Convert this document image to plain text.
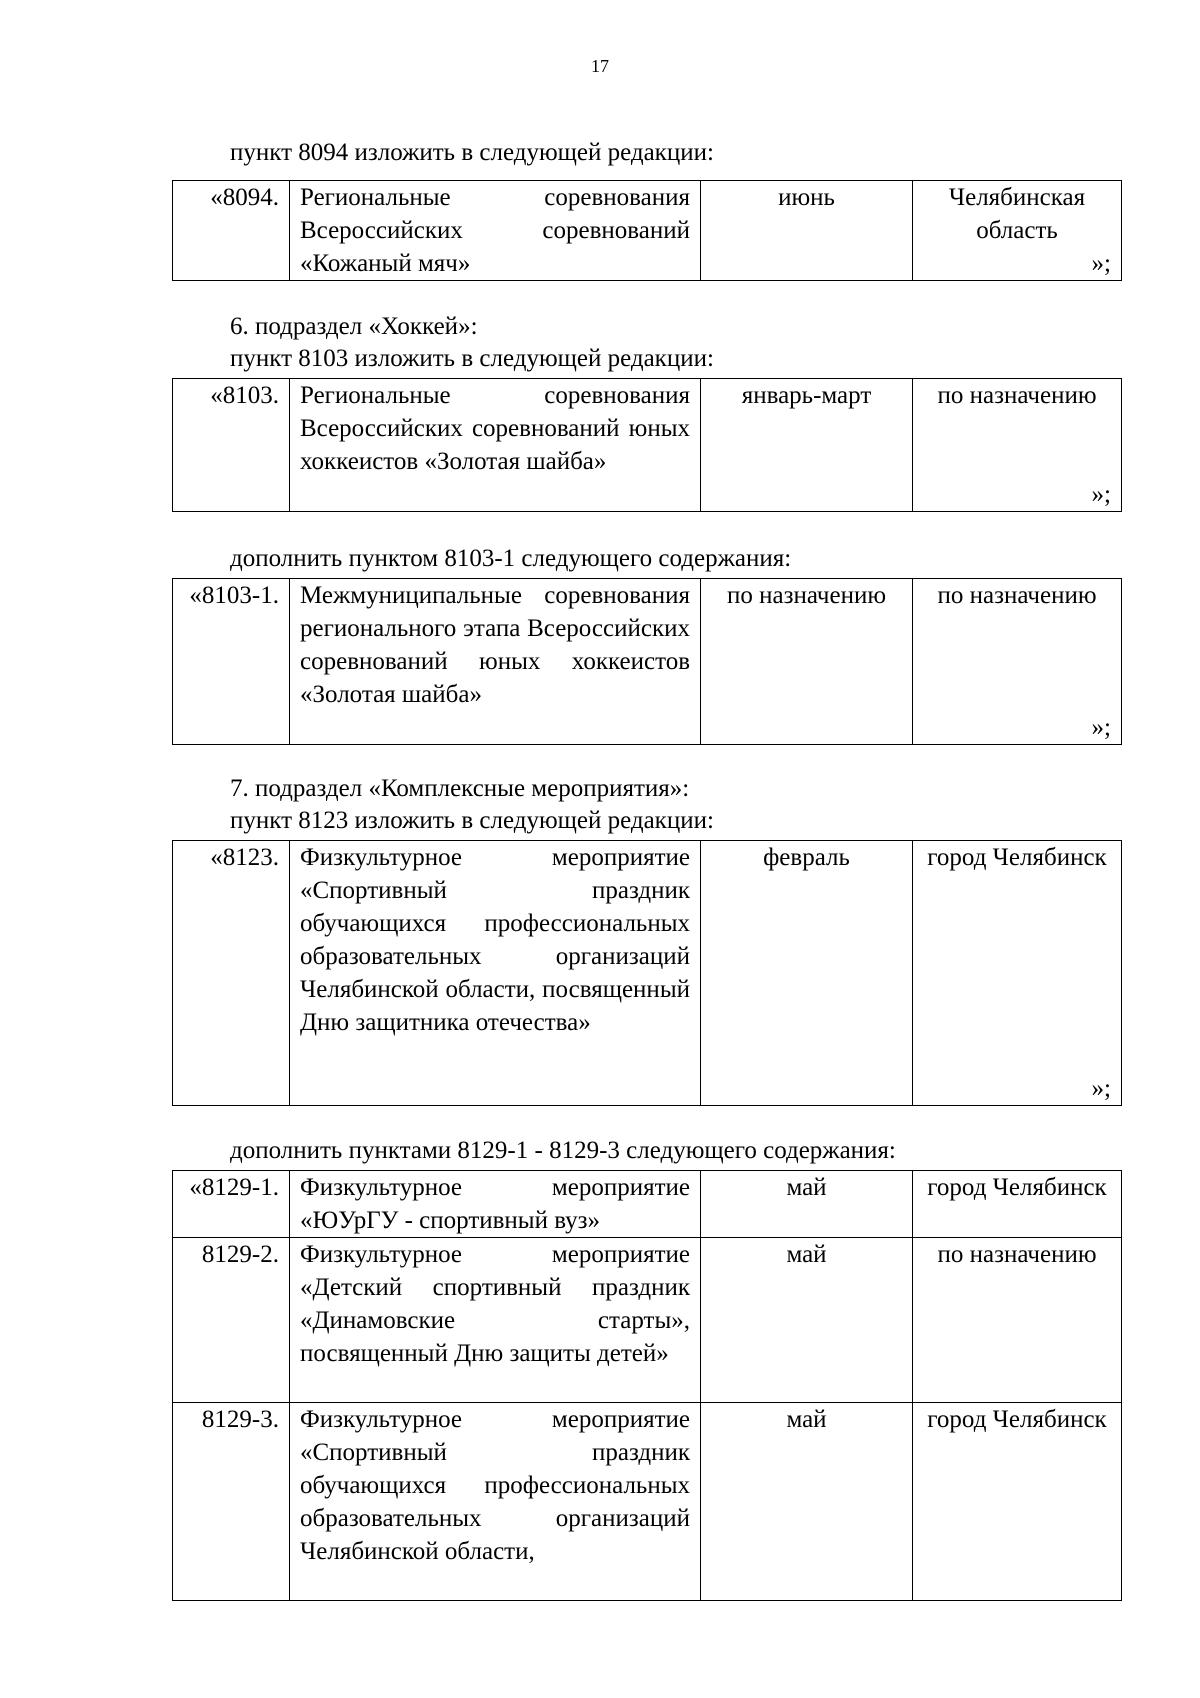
17

пункт 8094 изложить в следующей редакции:

«8094.	Региональные соревнования Всероссийских соревнований «Кожаный мяч»	июнь	Челябинская область
»;

6. подраздел «Хоккей»:

пункт 8103 изложить в следующей редакции:

«8103.	Региональные соревнования Всероссийских соревнований юных хоккеистов «Золотая шайба»	январь-март	по назначению
»;

дополнить пунктом 8103-1 следующего содержания:

«8103-1.	Межмуниципальные соревнования регионального этапа Всероссийских соревнований юных хоккеистов «Золотая шайба»	по назначению	по назначению
»;

7. подраздел «Комплексные мероприятия»:

пункт 8123 изложить в следующей редакции:

«8123.	Физкультурное мероприятие «Спортивный праздник обучающихся профессиональных образовательных организаций Челябинской области, посвященный Дню защитника отечества»	февраль	город Челябинск
»;

дополнить пунктами 8129-1 - 8129-3 следующего содержания:

«8129-1.	Физкультурное мероприятие «ЮУрГУ - спортивный вуз»	май	город Челябинск
8129-2.	Физкультурное мероприятие «Детский спортивный праздник «Динамовские старты», посвященный Дню защиты детей»	май	по назначению
8129-3.	Физкультурное мероприятие «Спортивный праздник обучающихся профессиональных образовательных организаций Челябинской области,	май	город Челябинск
